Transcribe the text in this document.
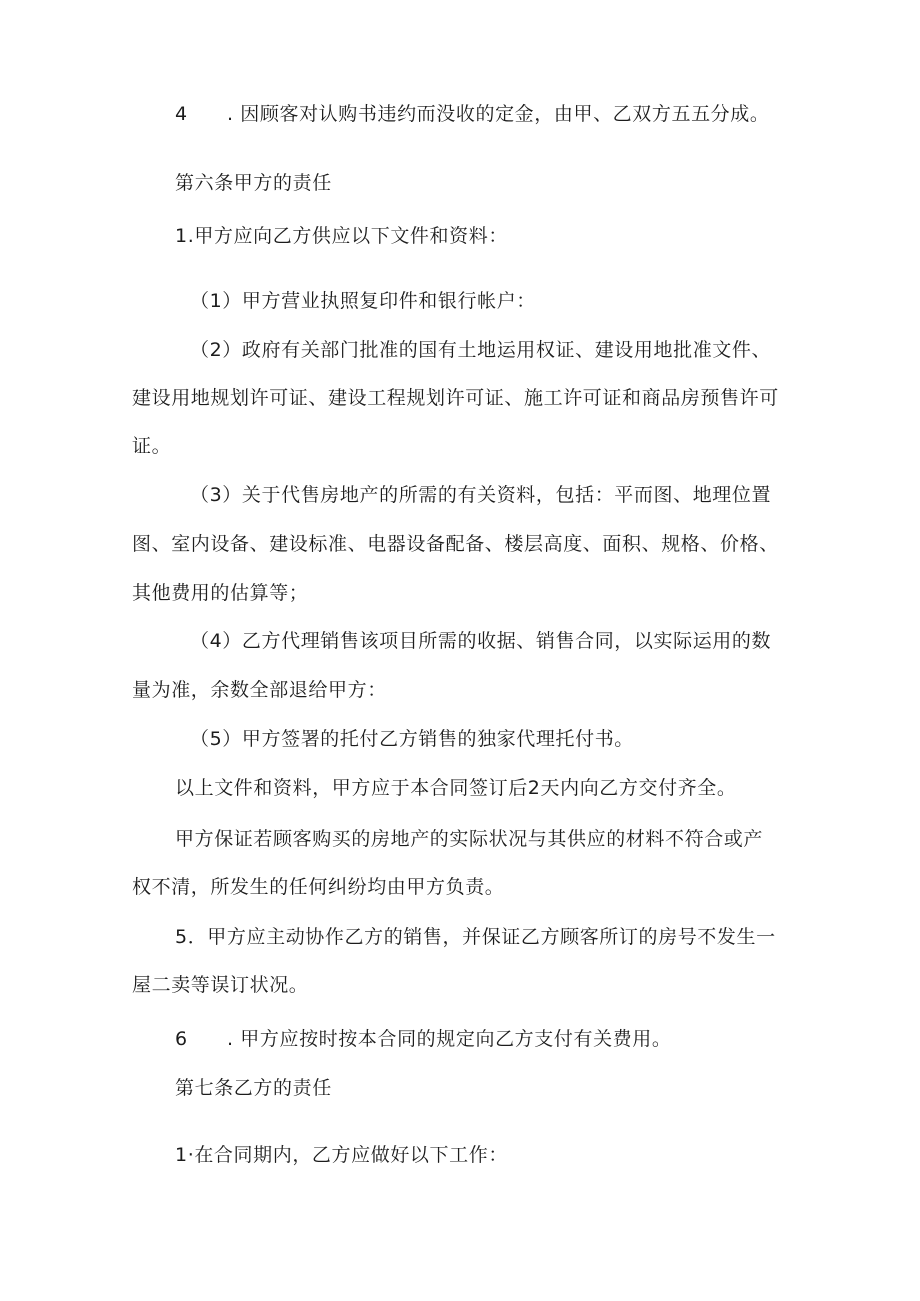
4 . 因顾客对认购书违约而没收的定金，由甲、乙双方五五分成。
第六条甲方的责任
1.甲方应向乙方供应以下文件和资料：
（1）甲方营业执照复印件和银行帐户：
（2）政府有关部门批准的国有土地运用权证、建设用地批准文件、
建设用地规划许可证、建设工程规划许可证、施工许可证和商品房预售许可
证。
（3）关于代售房地产的所需的有关资料，包括：平而图、地理位置
图、室内设备、建设标准、电器设备配备、楼层高度、面积、规格、价格、
其他费用的估算等；
（4）乙方代理销售该项目所需的收据、销售合同，以实际运用的数
量为准，余数全部退给甲方：
（5）甲方签署的托付乙方销售的独家代理托付书。
以上文件和资料，甲方应于本合同签订后2天内向乙方交付齐全。
甲方保证若顾客购买的房地产的实际状况与其供应的材料不符合或产
权不清，所发生的任何纠纷均由甲方负责。
5．甲方应主动协作乙方的销售，并保证乙方顾客所订的房号不发生一
屋二卖等误订状况。
6 . 甲方应按时按本合同的规定向乙方支付有关费用。
第七条乙方的责任
1·在合同期内，乙方应做好以下工作：
